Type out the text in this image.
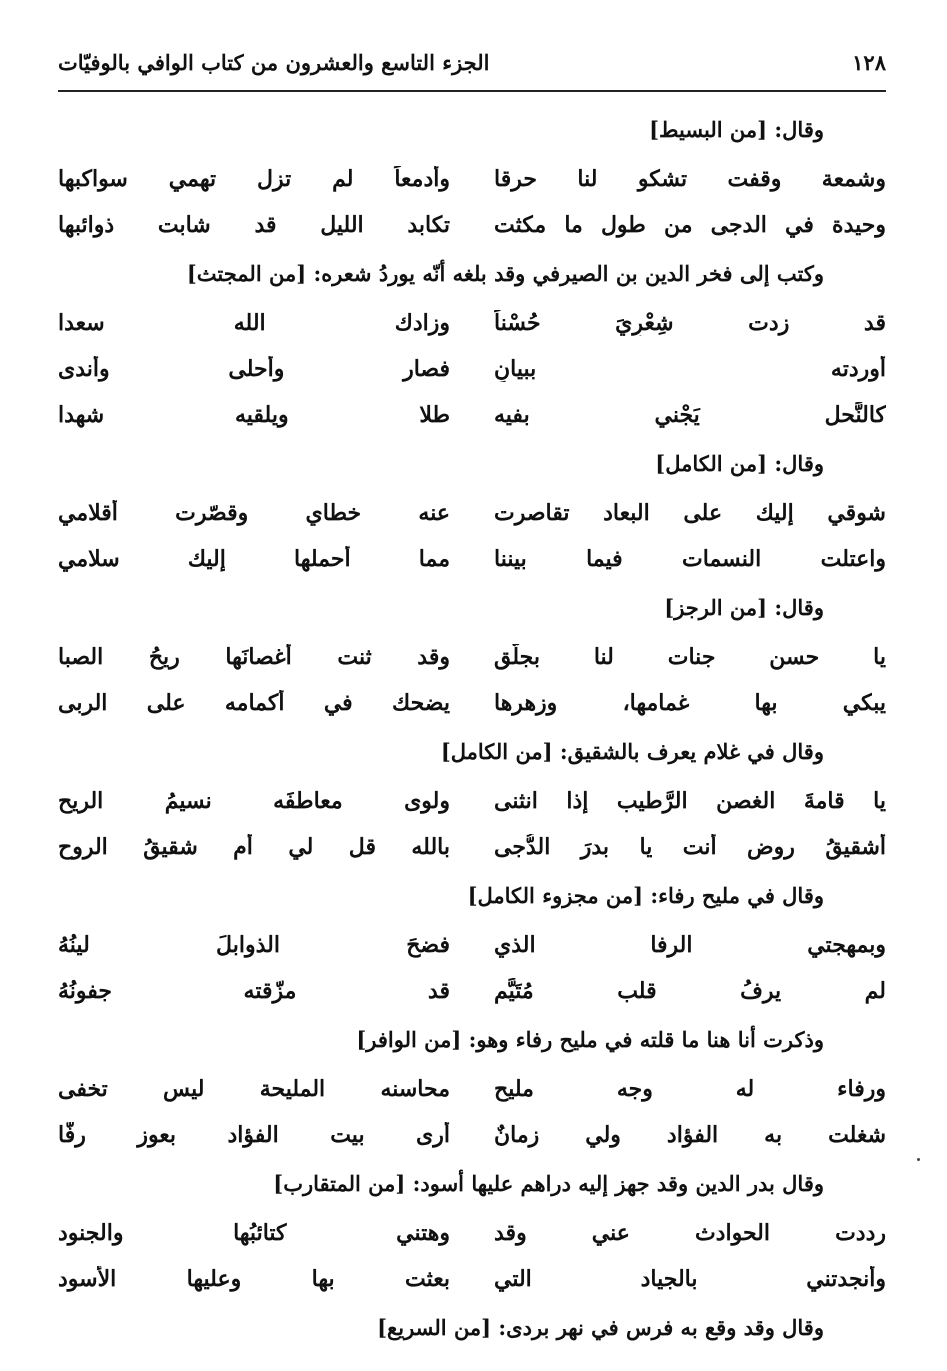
١٢٨
الجزء التاسع والعشرون من كتاب الوافي بالوفيّات
وقال: [من البسيط]
وشمعة وقفت تشكو لنا حرقا
وأدمعاً لم تزل تهمي سواكبها
وحيدة في الدجى من طول ما مكثت
تكابد الليل قد شابت ذوائبها
وكتب إلى فخر الدين بن الصيرفي وقد بلغه أنّه يوردُ شعره: [من المجتث]
قد زدت شِعْرِيَ حُسْناً
وزادك الله سعدا
أوردته ببيانٍ
فصار وأحلى وأندى
كالنَّحل يَجْني بفيه
طلا ويلقيه شهدا
وقال: [من الكامل]
شوقي إليك على البعاد تقاصرت
عنه خطاي وقصّرت أقلامي
واعتلت النسمات فيما بيننا
مما أحملها إليك سلامي
وقال: [من الرجز]
يا حسن جنات لنا بجلّق
وقد ثنت أغصانَها ريحُ الصبا
يبكي بها غمامها، وزهرها
يضحك في أكمامه على الربى
وقال في غلام يعرف بالشقيق: [من الكامل]
يا قامةَ الغصن الرَّطيب إذا انثنى
ولوى معاطفَه نسيمُ الريحِ
أشقيقُ روضٍ أنت يا بدرَ الدُّجى
بالله قل لي أم شقيقُ الروحِ
وقال في مليح رفاء: [من مجزوء الكامل]
وبمهجتي الرفا الذي
فضحَ الذوابلَ لينُهُ
لم يرفُ قلب مُتَيَّمٍ
قد مزّقته جفونُهُ
وذكرت أنا هنا ما قلته في مليح رفاء وهو: [من الوافر]
ورفاء له وجه مليح
محاسنه المليحة ليس تخفى
شغلت به الفؤاد ولي زمانٌ
أرى بيت الفؤاد بعوز رفّا
وقال بدر الدين وقد جهز إليه دراهم عليها أسود: [من المتقارب]
رددت الحوادث عني وقد
وهتني كتائبُها والجنود
وأنجدتني بالجياد التي
بعثت بها وعليها الأسود
وقال وقد وقع به فرس في نهر بردى: [من السريع]
